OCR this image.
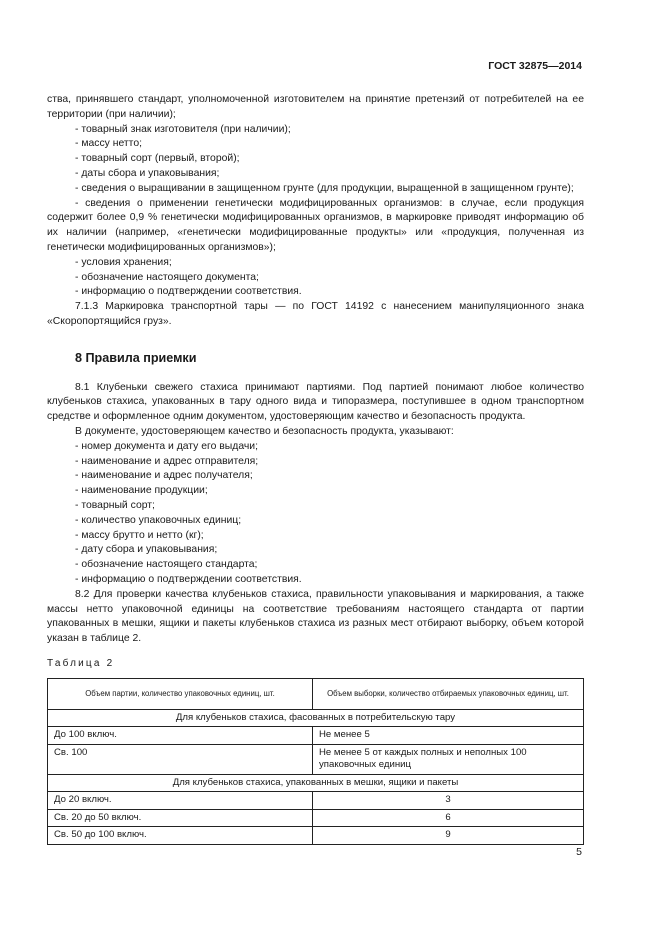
ГОСТ 32875—2014

ства, принявшего стандарт, уполномоченной изготовителем на принятие претензий от потребителей на ее территории (при наличии);

- товарный знак изготовителя (при наличии);

- массу нетто;

- товарный сорт (первый, второй);

- даты сбора и упаковывания;

- сведения о выращивании в защищенном грунте (для продукции, выращенной в защищенном грунте);

- сведения о применении генетически модифицированных организмов: в случае, если продукция содержит более 0,9 % генетически модифицированных организмов, в маркировке приводят информацию об их наличии (например, «генетически модифицированные продукты» или «продукция, полученная из генетически модифицированных организмов»);

- условия хранения;

- обозначение настоящего документа;

- информацию о подтверждении соответствия.

7.1.3 Маркировка транспортной тары — по ГОСТ 14192 с нанесением манипуляционного знака «Скоропортящийся груз».

8 Правила приемки

8.1 Клубеньки свежего стахиса принимают партиями. Под партией понимают любое количество клубеньков стахиса, упакованных в тару одного вида и типоразмера, поступившее в одном транспортном средстве и оформленное одним документом, удостоверяющим качество и безопасность продукта.

В документе, удостоверяющем качество и безопасность продукта, указывают:

- номер документа и дату его выдачи;

- наименование и адрес отправителя;

- наименование и адрес получателя;

- наименование продукции;

- товарный сорт;

- количество упаковочных единиц;

- массу брутто и нетто (кг);

- дату сбора и упаковывания;

- обозначение настоящего стандарта;

- информацию о подтверждении соответствия.

8.2 Для проверки качества клубеньков стахиса, правильности упаковывания и маркирования, а также массы нетто упаковочной единицы на соответствие требованиям настоящего стандарта от партии упакованных в мешки, ящики и пакеты клубеньков стахиса из разных мест отбирают выборку, объем которой указан в таблице 2.

Таблица 2

Объем партии, количество упаковочных единиц, шт.	Объем выборки, количество отбираемых упаковочных единиц, шт.
Для клубеньков стахиса, фасованных в потребительскую тару	
До 100 включ.	Не менее 5
Св. 100	Не менее 5 от каждых полных и неполных 100 упаковочных единиц
Для клубеньков стахиса, упакованных в мешки, ящики и пакеты	
До 20 включ.	3
Св. 20 до 50 включ.	6
Св. 50 до 100 включ.	9
5
